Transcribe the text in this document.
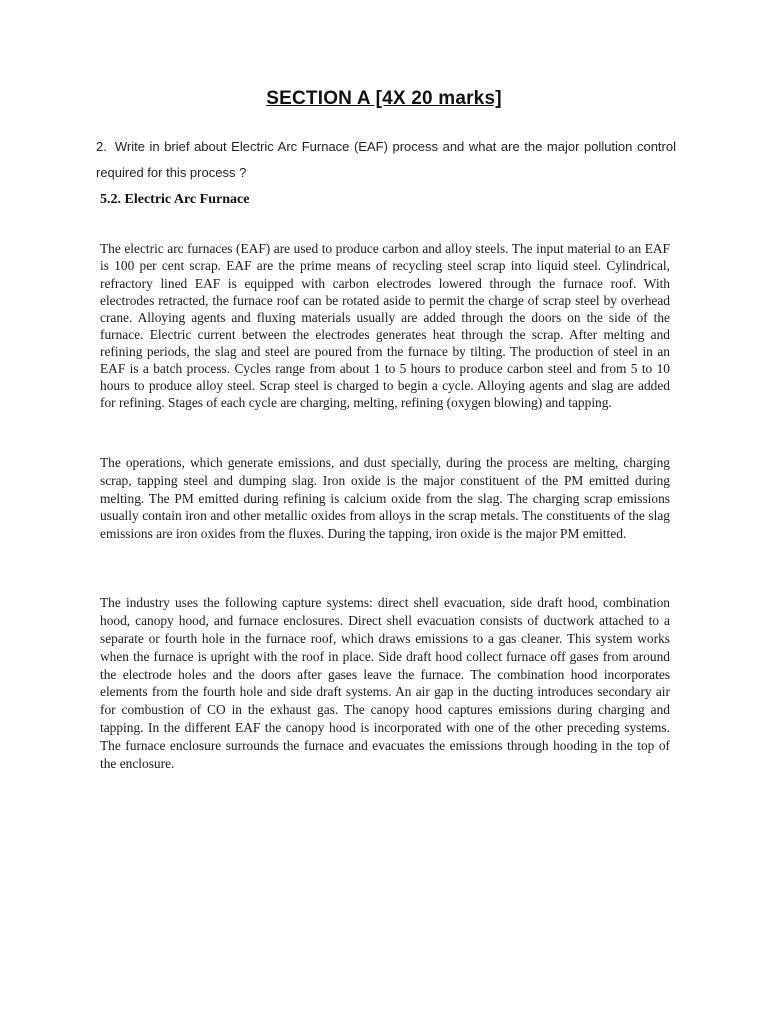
SECTION A [4X 20 marks]
2. Write in brief about Electric Arc Furnace (EAF) process and what are the major pollution control required for this process ?
5.2. Electric Arc Furnace

The electric arc furnaces (EAF) are used to produce carbon and alloy steels. The input material to an EAF is 100 per cent scrap. EAF are the prime means of recycling steel scrap into liquid steel. Cylindrical, refractory lined EAF is equipped with carbon electrodes lowered through the furnace roof. With electrodes retracted, the furnace roof can be rotated aside to permit the charge of scrap steel by overhead crane. Alloying agents and fluxing materials usually are added through the doors on the side of the furnace. Electric current between the electrodes generates heat through the scrap. After melting and refining periods, the slag and steel are poured from the furnace by tilting. The production of steel in an EAF is a batch process. Cycles range from about 1 to 5 hours to produce carbon steel and from 5 to 10 hours to produce alloy steel. Scrap steel is charged to begin a cycle. Alloying agents and slag are added for refining. Stages of each cycle are charging, melting, refining (oxygen blowing) and tapping.

The operations, which generate emissions, and dust specially, during the process are melting, charging scrap, tapping steel and dumping slag. Iron oxide is the major constituent of the PM emitted during melting. The PM emitted during refining is calcium oxide from the slag. The charging scrap emissions usually contain iron and other metallic oxides from alloys in the scrap metals. The constituents of the slag emissions are iron oxides from the fluxes. During the tapping, iron oxide is the major PM emitted.

The industry uses the following capture systems: direct shell evacuation, side draft hood, combination hood, canopy hood, and furnace enclosures. Direct shell evacuation consists of ductwork attached to a separate or fourth hole in the furnace roof, which draws emissions to a gas cleaner. This system works when the furnace is upright with the roof in place. Side draft hood collect furnace off gases from around the electrode holes and the doors after gases leave the furnace. The combination hood incorporates elements from the fourth hole and side draft systems. An air gap in the ducting introduces secondary air for combustion of CO in the exhaust gas. The canopy hood captures emissions during charging and tapping. In the different EAF the canopy hood is incorporated with one of the other preceding systems. The furnace enclosure surrounds the furnace and evacuates the emissions through hooding in the top of the enclosure.
